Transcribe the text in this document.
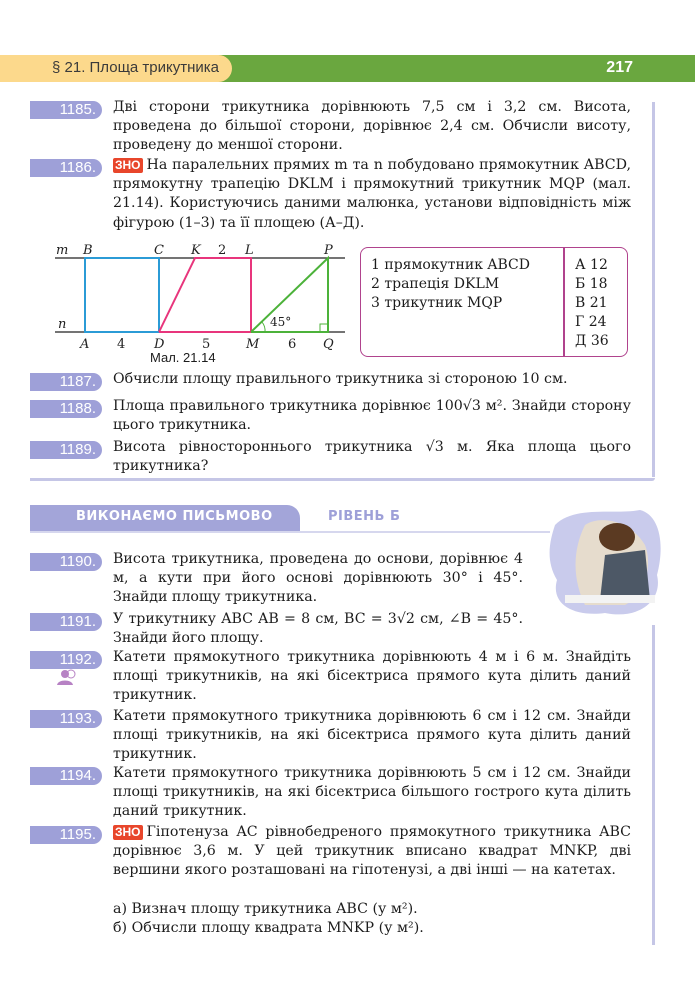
§ 21. Площа трикутника	217
1185.	Дві сторони трикутника дорівнюють 7,5 см і 3,2 см. Висота, проведена до більшої сторони, дорівнює 2,4 см. Обчисли висоту, проведену до меншої сторони.
1186.	ЗНО На паралельних прямих m та n побудовано прямокутник ABCD, прямокутну трапецію DKLM і прямокутний трикутник MQP (мал. 21.14). Користуючись даними малюнка, установи відповідність між фігурою (1–3) та її площею (А–Д).
m B	C K	L	P
n
A	D	M	Q
2
4	5	6
45°
Мал. 21.14
1 прямокутник ABCD
2 трапеція DKLM
3 трикутник MQP
А 12
Б 18
В 21
Г 24
Д 36
1187.	Обчисли площу правильного трикутника зі стороною 10 см.
1188.	Площа правильного трикутника дорівнює 100√3 м². Знайди сторону цього трикутника.
1189.	Висота рівностороннього трикутника √3 м. Яка площа цього трикутника?
ВИКОНАЄМО ПИСЬМОВО	РІВЕНЬ Б
1190.	Висота трикутника, проведена до основи, дорівнює 4 м, а кути при його основі дорівнюють 30° і 45°. Знайди площу трикутника.
1191.	У трикутнику ABC AB = 8 см, BC = 3√2 см, ∠B = 45°. Знайди його площу.
1192.	Катети прямокутного трикутника дорівнюють 4 м і 6 м. Знайдіть площі трикутників, на які бісектриса прямого кута ділить даний трикутник.
1193.	Катети прямокутного трикутника дорівнюють 6 см і 12 см. Знайди площі трикутників, на які бісектриса прямого кута ділить даний трикутник.
1194.	Катети прямокутного трикутника дорівнюють 5 см і 12 см. Знайди площі трикутників, на які бісектриса більшого гострого кута ділить даний трикутник.
1195.	ЗНО Гіпотенуза AC рівнобедреного прямокутного трикутника ABC дорівнює 3,6 м. У цей трикутник вписано квадрат MNKP, дві вершини якого розташовані на гіпотенузі, а дві інші — на катетах.
а) Визнач площу трикутника ABC (у м²).
б) Обчисли площу квадрата MNKP (у м²).
